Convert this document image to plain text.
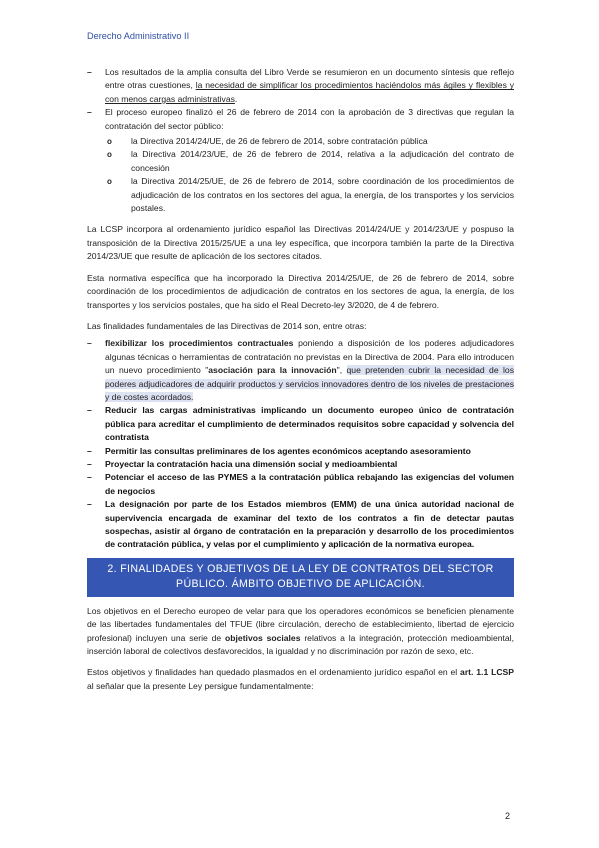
Derecho Administrativo II
– Los resultados de la amplia consulta del Libro Verde se resumieron en un documento síntesis que reflejo entre otras cuestiones, la necesidad de simplificar los procedimientos haciéndolos más ágiles y flexibles y con menos cargas administrativas.
– El proceso europeo finalizó el 26 de febrero de 2014 con la aprobación de 3 directivas que regulan la contratación del sector público:
o la Directiva 2014/24/UE, de 26 de febrero de 2014, sobre contratación pública
o la Directiva 2014/23/UE, de 26 de febrero de 2014, relativa a la adjudicación del contrato de concesión
o la Directiva 2014/25/UE, de 26 de febrero de 2014, sobre coordinación de los procedimientos de adjudicación de los contratos en los sectores del agua, la energía, de los transportes y los servicios postales.

La LCSP incorpora al ordenamiento jurídico español las Directivas 2014/24/UE y 2014/23/UE y pospuso la transposición de la Directiva 2015/25/UE a una ley específica, que incorpora también la parte de la Directiva 2014/23/UE que resulte de aplicación de los sectores citados.

Esta normativa específica que ha incorporado la Directiva 2014/25/UE, de 26 de febrero de 2014, sobre coordinación de los procedimientos de adjudicación de contratos en los sectores de agua, la energía, de los transportes y los servicios postales, que ha sido el Real Decreto-ley 3/2020, de 4 de febrero.

Las finalidades fundamentales de las Directivas de 2014 son, entre otras:

– flexibilizar los procedimientos contractuales poniendo a disposición de los poderes adjudicadores algunas técnicas o herramientas de contratación no previstas en la Directiva de 2004. Para ello introducen un nuevo procedimiento "asociación para la innovación", que pretenden cubrir la necesidad de los poderes adjudicadores de adquirir productos y servicios innovadores dentro de los niveles de prestaciones y de costes acordados.
– Reducir las cargas administrativas implicando un documento europeo único de contratación pública para acreditar el cumplimiento de determinados requisitos sobre capacidad y solvencia del contratista
– Permitir las consultas preliminares de los agentes económicos aceptando asesoramiento
– Proyectar la contratación hacia una dimensión social y medioambiental
– Potenciar el acceso de las PYMES a la contratación pública rebajando las exigencias del volumen de negocios
– La designación por parte de los Estados miembros (EMM) de una única autoridad nacional de supervivencia encargada de examinar del texto de los contratos a fin de detectar pautas sospechas, asistir al órgano de contratación en la preparación y desarrollo de los procedimientos de contratación pública, y velas por el cumplimiento y aplicación de la normativa europea.
2. FINALIDADES Y OBJETIVOS DE LA LEY DE CONTRATOS DEL SECTOR PÚBLICO. ÁMBITO OBJETIVO DE APLICACIÓN.

Los objetivos en el Derecho europeo de velar para que los operadores económicos se beneficien plenamente de las libertades fundamentales del TFUE (libre circulación, derecho de establecimiento, libertad de ejercicio profesional) incluyen una serie de objetivos sociales relativos a la integración, protección medioambiental, inserción laboral de colectivos desfavorecidos, la igualdad y no discriminación por razón de sexo, etc.

Estos objetivos y finalidades han quedado plasmados en el ordenamiento jurídico español en el art. 1.1 LCSP al señalar que la presente Ley persigue fundamentalmente:

2
